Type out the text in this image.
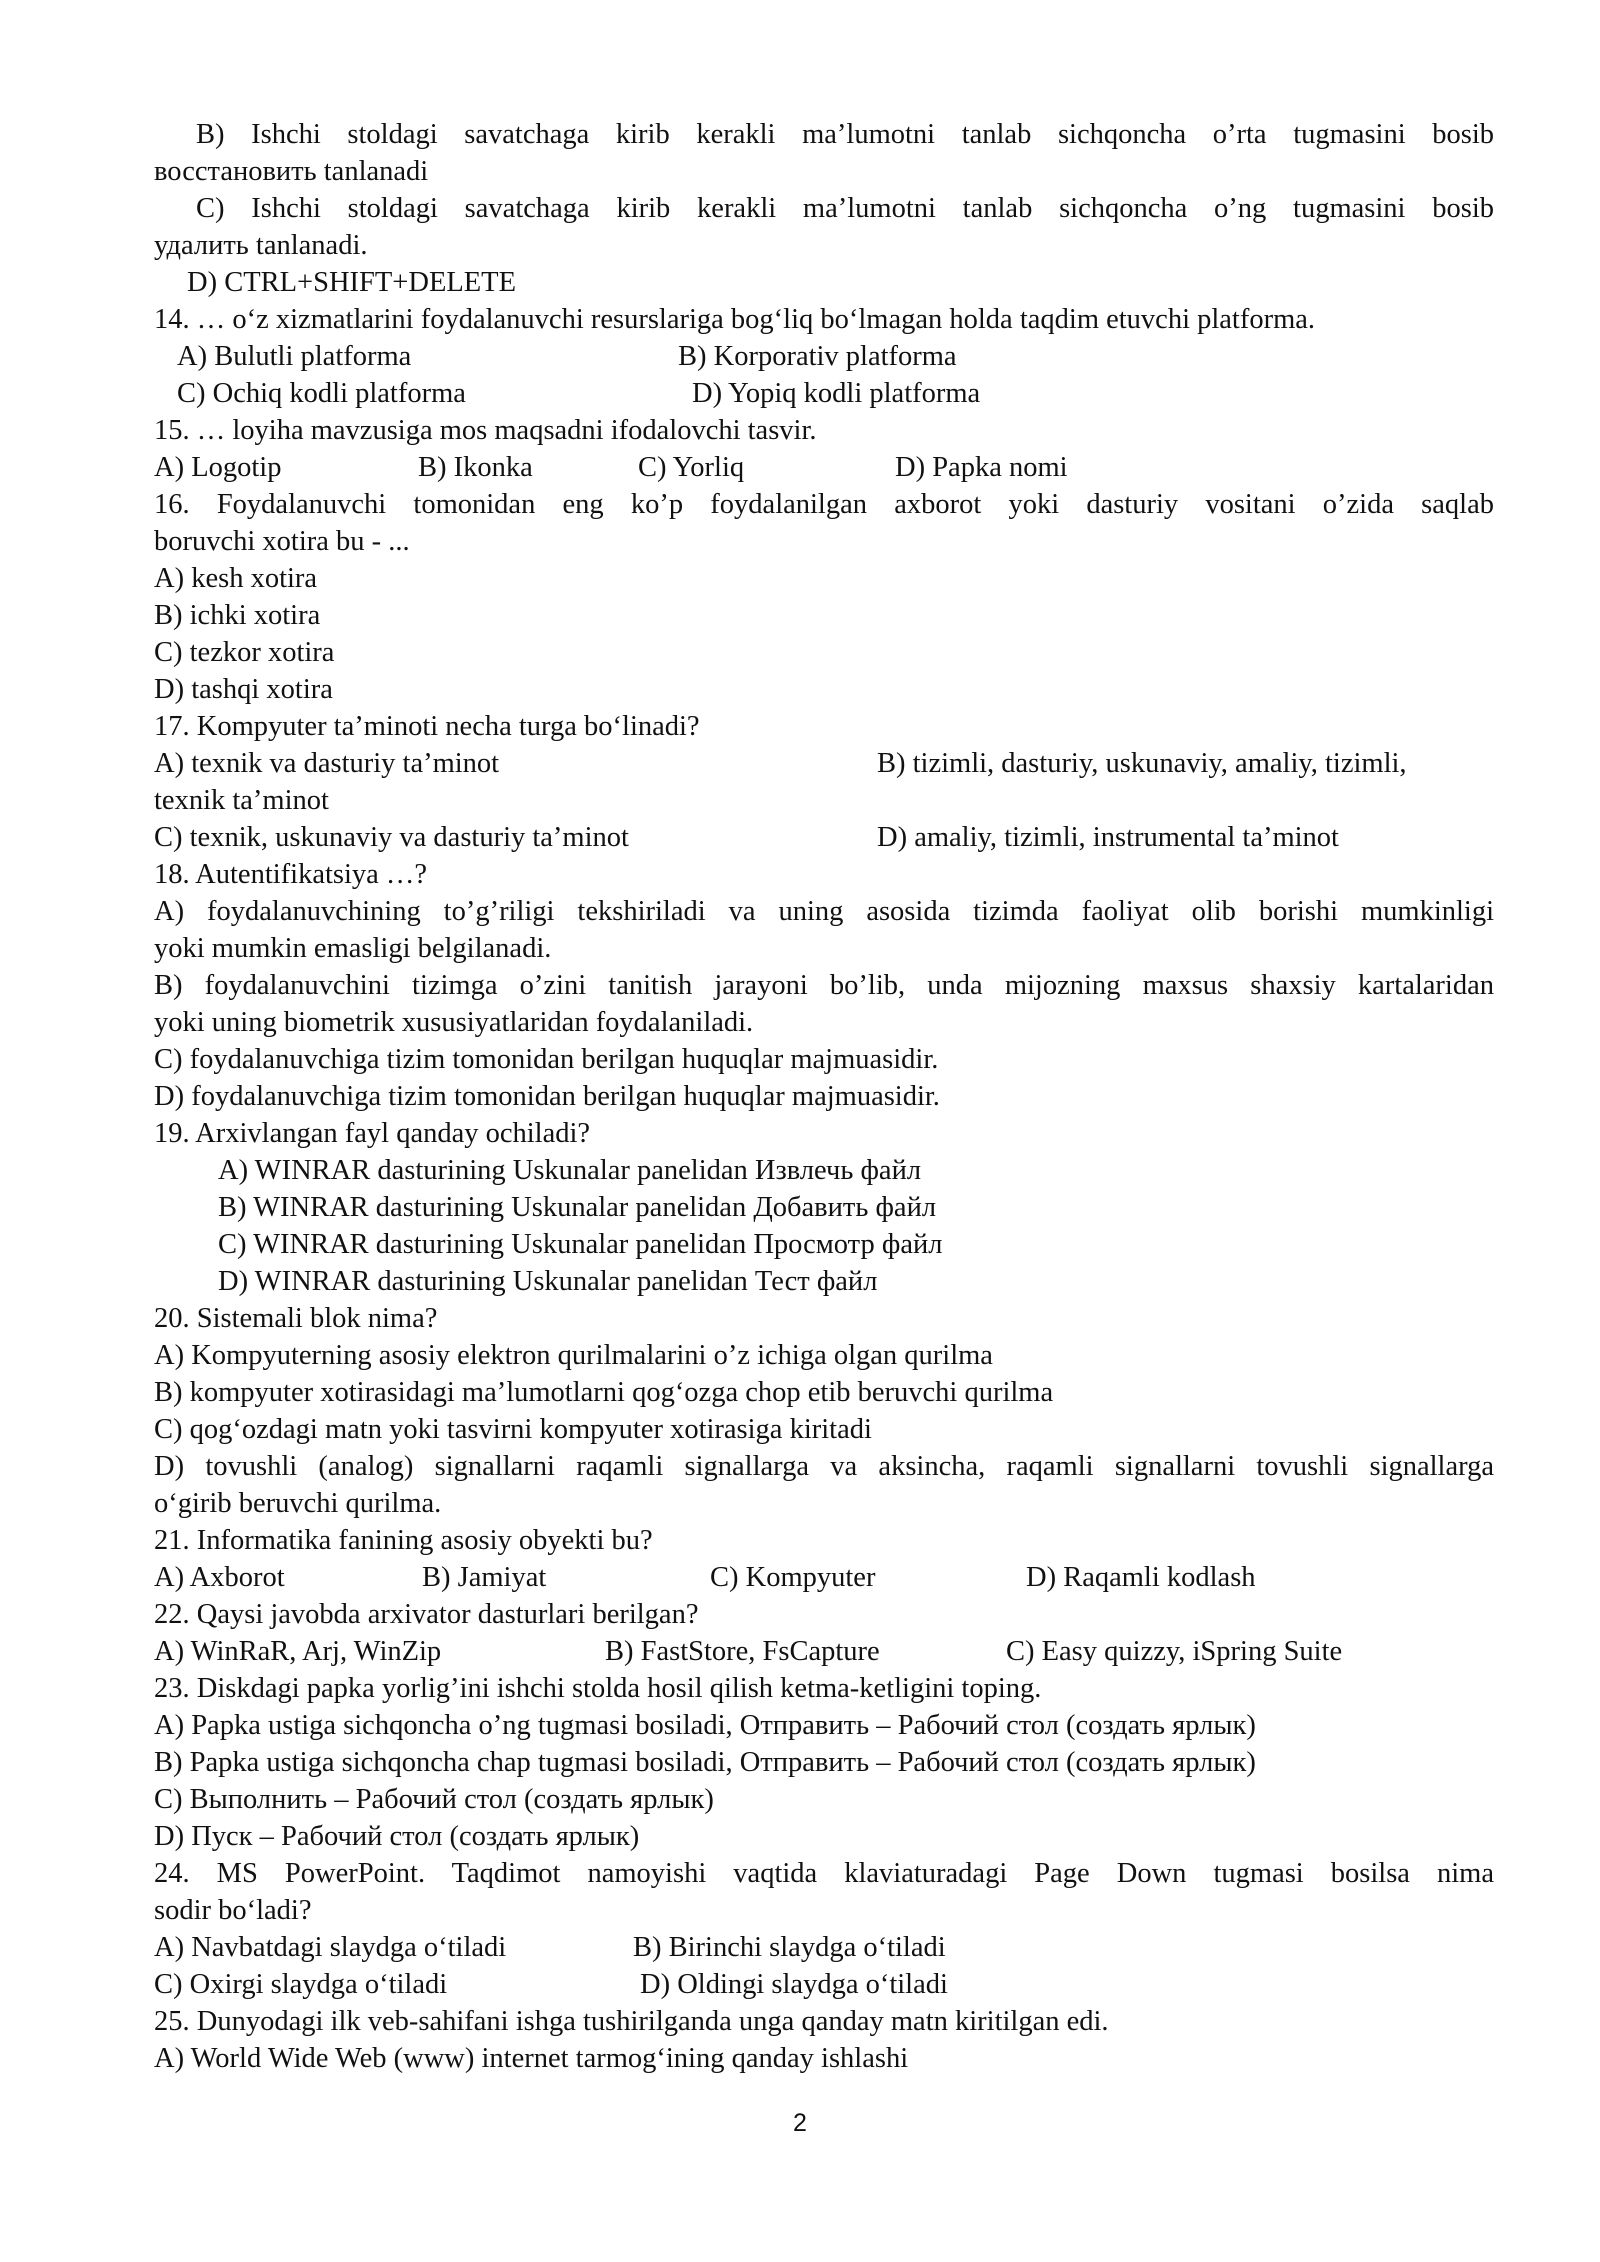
B) Ishchi stoldagi savatchaga kirib kerakli ma’lumotni tanlab sichqoncha o’rta tugmasini bosib
восстановить tanlanadi
C) Ishchi stoldagi savatchaga kirib kerakli ma’lumotni tanlab sichqoncha o’ng tugmasini bosib
удалить tanlanadi.
D) CTRL+SHIFT+DELETE
14. … o‘z xizmatlarini foydalanuvchi resurslariga bog‘liq bo‘lmagan holda taqdim etuvchi platforma.
A) Bulutli platforma	B) Korporativ platforma
C) Ochiq kodli platforma	D) Yopiq kodli platforma
15. … loyiha mavzusiga mos maqsadni ifodalovchi tasvir.
A) Logotip	B) Ikonka	C) Yorliq	D) Papka nomi
16. Foydalanuvchi tomonidan eng ko’p foydalanilgan axborot yoki dasturiy vositani o’zida saqlab
boruvchi xotira bu - ...
A) kesh xotira
B) ichki xotira
C) tezkor xotira
D) tashqi xotira
17. Kompyuter ta’minoti necha turga bo‘linadi?
A) texnik va dasturiy ta’minot	B) tizimli, dasturiy, uskunaviy, amaliy, tizimli,
texnik ta’minot
C) texnik, uskunaviy va dasturiy ta’minot	D) amaliy, tizimli, instrumental ta’minot
18. Autentifikatsiya …?
A) foydalanuvchining to’g’riligi tekshiriladi va uning asosida tizimda faoliyat olib borishi mumkinligi
yoki mumkin emasligi belgilanadi.
B) foydalanuvchini tizimga o’zini tanitish jarayoni bo’lib, unda mijozning maxsus shaxsiy kartalaridan
yoki uning biometrik xususiyatlaridan foydalaniladi.
C) foydalanuvchiga tizim tomonidan berilgan huquqlar majmuasidir.
D) foydalanuvchiga tizim tomonidan berilgan huquqlar majmuasidir.
19. Arxivlangan fayl qanday ochiladi?
A) WINRAR dasturining Uskunalar panelidan Извлечь файл
B) WINRAR dasturining Uskunalar panelidan Добавить файл
C) WINRAR dasturining Uskunalar panelidan Просмотр файл
D) WINRAR dasturining Uskunalar panelidan Тест файл
20. Sistemali blok nima?
A) Kompyuterning asosiy elektron qurilmalarini o’z ichiga olgan qurilma
B) kompyuter xotirasidagi ma’lumotlarni qog‘ozga chop etib beruvchi qurilma
C) qog‘ozdagi matn yoki tasvirni kompyuter xotirasiga kiritadi
D) tovushli (analog) signallarni raqamli signallarga va aksincha, raqamli signallarni tovushli signallarga
o‘girib beruvchi qurilma.
21. Informatika fanining asosiy obyekti bu?
A) Axborot	B) Jamiyat	C) Kompyuter	D) Raqamli kodlash
22. Qaysi javobda arxivator dasturlari berilgan?
A) WinRaR, Arj, WinZip	B) FastStore, FsCapture	C) Easy quizzy, iSpring Suite
23. Diskdagi papka yorlig’ini ishchi stolda hosil qilish ketma-ketligini toping.
A) Papka ustiga sichqoncha o’ng tugmasi bosiladi, Отправить – Рабочий стол (создать ярлык)
B) Papka ustiga sichqoncha chap tugmasi bosiladi, Отправить – Рабочий стол (создать ярлык)
C) Выполнить – Рабочий стол (создать ярлык)
D) Пуск – Рабочий стол (создать ярлык)
24. MS PowerPoint. Taqdimot namoyishi vaqtida klaviaturadagi Page Down tugmasi bosilsa nima
sodir bo‘ladi?
A) Navbatdagi slaydga o‘tiladi	B) Birinchi slaydga o‘tiladi
C) Oxirgi slaydga o‘tiladi	D) Oldingi slaydga o‘tiladi
25. Dunyodagi ilk veb-sahifani ishga tushirilganda unga qanday matn kiritilgan edi.
A) World Wide Web (www) internet tarmog‘ining qanday ishlashi
2
